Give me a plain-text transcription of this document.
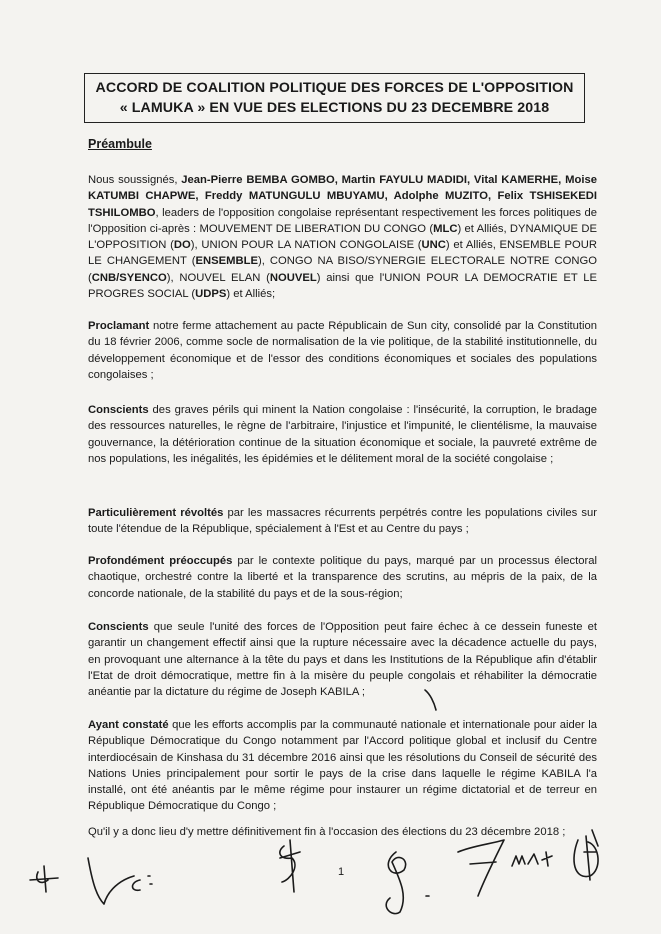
ACCORD DE COALITION POLITIQUE DES FORCES DE L'OPPOSITION
« LAMUKA » EN VUE DES ELECTIONS DU 23 DECEMBRE 2018
Préambule

Nous soussignés, Jean-Pierre BEMBA GOMBO, Martin FAYULU MADIDI, Vital KAMERHE, Moise KATUMBI CHAPWE, Freddy MATUNGULU MBUYAMU, Adolphe MUZITO, Felix TSHISEKEDI TSHILOMBO, leaders de l'opposition congolaise représentant respectivement les forces politiques de l'Opposition ci-après : MOUVEMENT DE LIBERATION DU CONGO (MLC) et Alliés, DYNAMIQUE DE L'OPPOSITION (DO), UNION POUR LA NATION CONGOLAISE (UNC) et Alliés, ENSEMBLE POUR LE CHANGEMENT (ENSEMBLE), CONGO NA BISO/SYNERGIE ELECTORALE NOTRE CONGO (CNB/SYENCO), NOUVEL ELAN (NOUVEL) ainsi que l'UNION POUR LA DEMOCRATIE ET LE PROGRES SOCIAL (UDPS) et Alliés;

Proclamant notre ferme attachement au pacte Républicain de Sun city, consolidé par la Constitution du 18 février 2006, comme socle de normalisation de la vie politique, de la stabilité institutionnelle, du développement économique et de l'essor des conditions économiques et sociales des populations congolaises ;

Conscients des graves périls qui minent la Nation congolaise : l'insécurité, la corruption, le bradage des ressources naturelles, le règne de l'arbitraire, l'injustice et l'impunité, le clientélisme, la mauvaise gouvernance, la détérioration continue de la situation économique et sociale, la pauvreté extrême de nos populations, les inégalités, les épidémies et le délitement moral de la société congolaise ;

Particulièrement révoltés par les massacres récurrents perpétrés contre les populations civiles sur toute l'étendue de la République, spécialement à l'Est et au Centre du pays ;

Profondément préoccupés par le contexte politique du pays, marqué par un processus électoral chaotique, orchestré contre la liberté et la transparence des scrutins, au mépris de la paix, de la concorde nationale, de la stabilité du pays et de la sous-région;

Conscients que seule l'unité des forces de l'Opposition peut faire échec à ce dessein funeste et garantir un changement effectif ainsi que la rupture nécessaire avec la décadence actuelle du pays, en provoquant une alternance à la tête du pays et dans les Institutions de la République afin d'établir l'Etat de droit démocratique, mettre fin à la misère du peuple congolais et réhabiliter la démocratie anéantie par la dictature du régime de Joseph KABILA ;

Ayant constaté que les efforts accomplis par la communauté nationale et internationale pour aider la République Démocratique du Congo notamment par l'Accord politique global et inclusif du Centre interdiocésain de Kinshasa du 31 décembre 2016 ainsi que les résolutions du Conseil de sécurité des Nations Unies principalement pour sortir le pays de la crise dans laquelle le régime KABILA l'a installé, ont été anéantis par le même régime pour instaurer un régime dictatorial et de terreur en République Démocratique du Congo ;

Qu'il y a donc lieu d'y mettre définitivement fin à l'occasion des élections du 23 décembre 2018 ;

1
